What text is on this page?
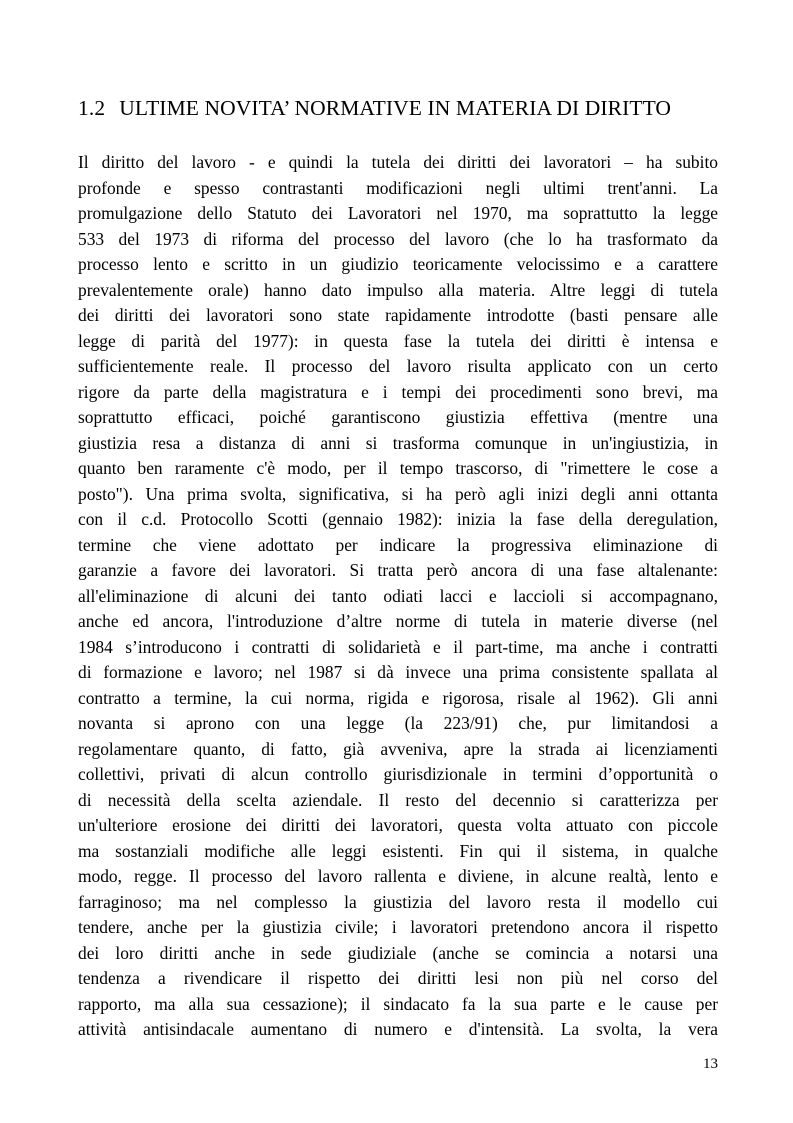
1.2 ULTIME NOVITA’ NORMATIVE IN MATERIA DI DIRITTO
Il diritto del lavoro - e quindi la tutela dei diritti dei lavoratori – ha subito
profonde e spesso contrastanti modificazioni negli ultimi trent'anni. La
promulgazione dello Statuto dei Lavoratori nel 1970, ma soprattutto la legge
533 del 1973 di riforma del processo del lavoro (che lo ha trasformato da
processo lento e scritto in un giudizio teoricamente velocissimo e a carattere
prevalentemente orale) hanno dato impulso alla materia. Altre leggi di tutela
dei diritti dei lavoratori sono state rapidamente introdotte (basti pensare alle
legge di parità del 1977): in questa fase la tutela dei diritti è intensa e
sufficientemente reale. Il processo del lavoro risulta applicato con un certo
rigore da parte della magistratura e i tempi dei procedimenti sono brevi, ma
soprattutto efficaci, poiché garantiscono giustizia effettiva (mentre una
giustizia resa a distanza di anni si trasforma comunque in un'ingiustizia, in
quanto ben raramente c'è modo, per il tempo trascorso, di "rimettere le cose a
posto"). Una prima svolta, significativa, si ha però agli inizi degli anni ottanta
con il c.d. Protocollo Scotti (gennaio 1982): inizia la fase della deregulation,
termine che viene adottato per indicare la progressiva eliminazione di
garanzie a favore dei lavoratori. Si tratta però ancora di una fase altalenante:
all'eliminazione di alcuni dei tanto odiati lacci e laccioli si accompagnano,
anche ed ancora, l'introduzione d’altre norme di tutela in materie diverse (nel
1984 s’introducono i contratti di solidarietà e il part-time, ma anche i contratti
di formazione e lavoro; nel 1987 si dà invece una prima consistente spallata al
contratto a termine, la cui norma, rigida e rigorosa, risale al 1962). Gli anni
novanta si aprono con una legge (la 223/91) che, pur limitandosi a
regolamentare quanto, di fatto, già avveniva, apre la strada ai licenziamenti
collettivi, privati di alcun controllo giurisdizionale in termini d’opportunità o
di necessità della scelta aziendale. Il resto del decennio si caratterizza per
un'ulteriore erosione dei diritti dei lavoratori, questa volta attuato con piccole
ma sostanziali modifiche alle leggi esistenti. Fin qui il sistema, in qualche
modo, regge. Il processo del lavoro rallenta e diviene, in alcune realtà, lento e
farraginoso; ma nel complesso la giustizia del lavoro resta il modello cui
tendere, anche per la giustizia civile; i lavoratori pretendono ancora il rispetto
dei loro diritti anche in sede giudiziale (anche se comincia a notarsi una
tendenza a rivendicare il rispetto dei diritti lesi non più nel corso del
rapporto, ma alla sua cessazione); il sindacato fa la sua parte e le cause per
attività antisindacale aumentano di numero e d'intensità. La svolta, la vera
13
